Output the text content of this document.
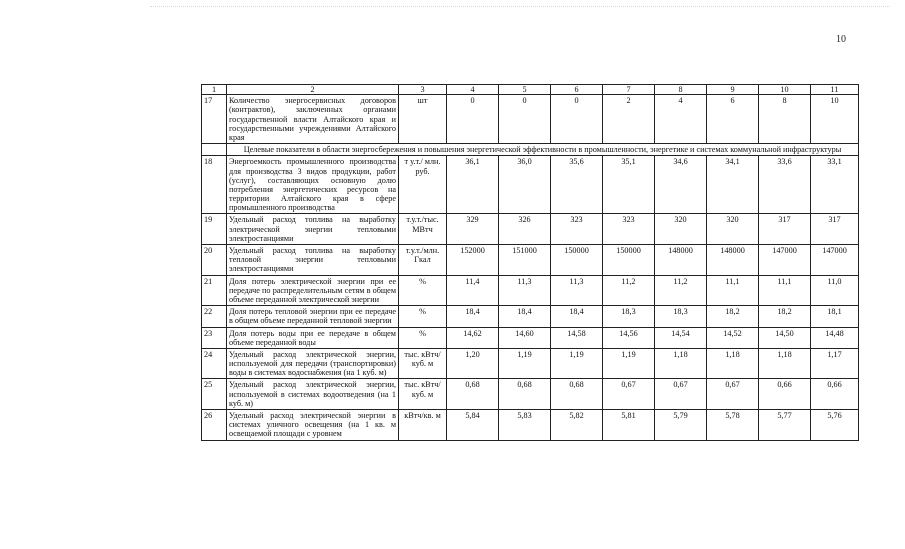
10
1	2	3	4	5	6	7	8	9	10	11
17	Количество энергосервисных договоров (контрактов), заключенных органами государственной власти Алтайского края и государственными учреждениями Алтайского края	шт	0	0	0	2	4	6	8	10
	Целевые показатели в области энергосбережения и повышения энергетической эффективности в промышленности, энергетике и системах коммунальной инфраструктуры									
18	Энергоемкость промышленного производства для производства 3 видов продукции, работ (услуг), составляющих основную долю потребления энергетических ресурсов на территории Алтайского края в сфере промышленного производства	т у.т./ млн. руб.	36,1	36,0	35,6	35,1	34,6	34,1	33,6	33,1
19	Удельный расход топлива на выработку электрической энергии тепловыми электростанциями	т.у.т./тыс. МВтч	329	326	323	323	320	320	317	317
20	Удельный расход топлива на выработку тепловой энергии тепловыми электростанциями	т.у.т./млн. Гкал	152000	151000	150000	150000	148000	148000	147000	147000
21	Доля потерь электрической энергии при ее передаче по распределительным сетям в общем объеме переданной электрической энергии	%	11,4	11,3	11,3	11,2	11,2	11,1	11,1	11,0
22	Доля потерь тепловой энергии при ее передаче в общем объеме переданной тепловой энергии	%	18,4	18,4	18,4	18,3	18,3	18,2	18,2	18,1
23	Доля потерь воды при ее передаче в общем объеме переданной воды	%	14,62	14,60	14,58	14,56	14,54	14,52	14,50	14,48
24	Удельный расход электрической энергии, используемой для передачи (транспортировки) воды в системах водоснабжения (на 1 куб. м)	тыс. кВтч/куб. м	1,20	1,19	1,19	1,19	1,18	1,18	1,18	1,17
25	Удельный расход электрической энергии, используемой в системах водоотведения (на 1 куб. м)	тыс. кВтч/куб. м	0,68	0,68	0,68	0,67	0,67	0,67	0,66	0,66
26	Удельный расход электрической энергии в системах уличного освещения (на 1 кв. м освещаемой площади с уровнем	кВтч/кв. м	5,84	5,83	5,82	5,81	5,79	5,78	5,77	5,76
